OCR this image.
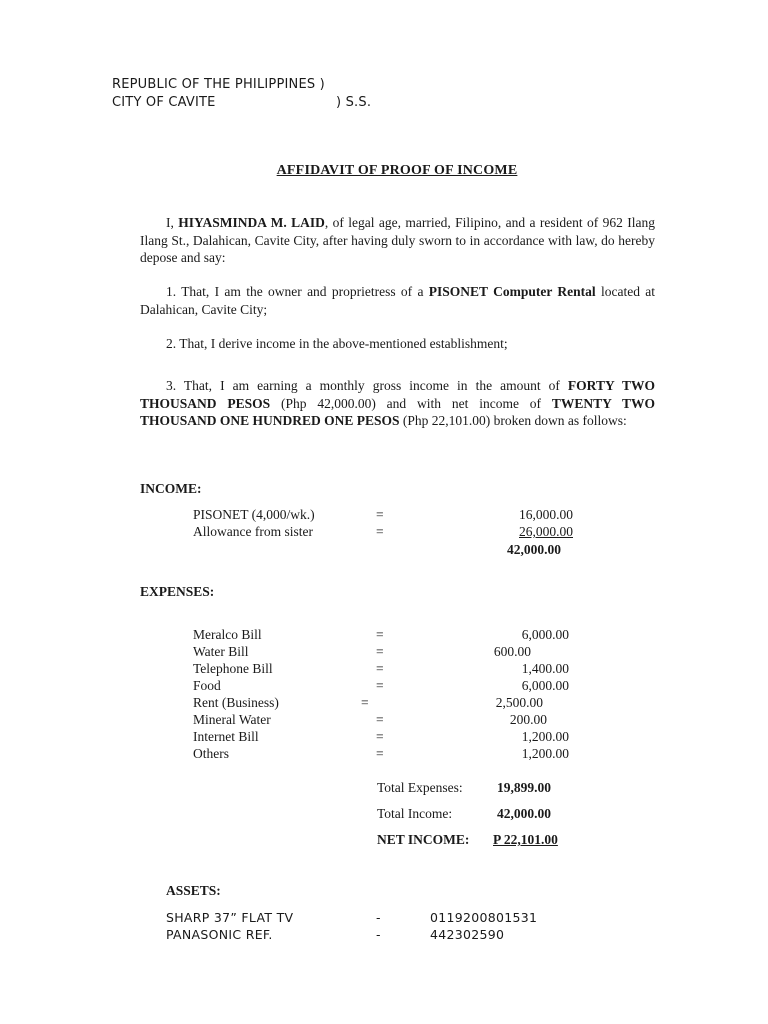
REPUBLIC OF THE PHILIPPINES )
CITY OF CAVITE	) S.S.
AFFIDAVIT OF PROOF OF INCOME
I, HIYASMINDA M. LAID, of legal age, married, Filipino, and a resident of 962 Ilang Ilang St., Dalahican, Cavite City, after having duly sworn to in accordance with law, do hereby depose and say:
1. That, I am the owner and proprietress of a PISONET Computer Rental located at Dalahican, Cavite City;
2. That, I derive income in the above-mentioned establishment;
3. That, I am earning a monthly gross income in the amount of FORTY TWO THOUSAND PESOS (Php 42,000.00) and with net income of TWENTY TWO THOUSAND ONE HUNDRED ONE PESOS (Php 22,101.00) broken down as follows:
INCOME:
PISONET (4,000/wk.)	=	16,000.00
Allowance from sister	=	26,000.00
42,000.00
EXPENSES:
Meralco Bill	=	6,000.00
Water Bill	=	600.00
Telephone Bill	=	1,400.00
Food	=	6,000.00
Rent (Business)	=	2,500.00
Mineral Water	=	200.00
Internet Bill	=	1,200.00
Others	=	1,200.00
Total Expenses:	19,899.00
Total Income:	42,000.00
NET INCOME: P 22,101.00
ASSETS:
SHARP 37” FLAT TV	-	0119200801531
PANASONIC REF.	-	442302590
